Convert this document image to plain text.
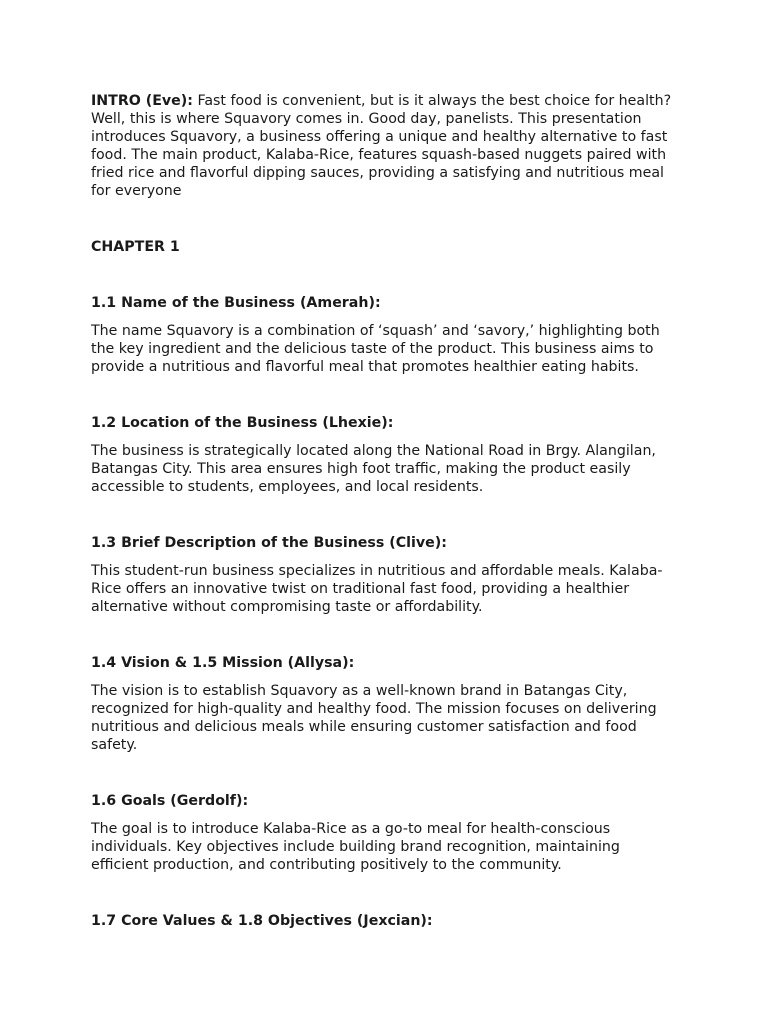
INTRO (Eve): Fast food is convenient, but is it always the best choice for health? Well, this is where Squavory comes in. Good day, panelists. This presentation introduces Squavory, a business offering a unique and healthy alternative to fast food. The main product, Kalaba-Rice, features squash-based nuggets paired with fried rice and flavorful dipping sauces, providing a satisfying and nutritious meal for everyone

CHAPTER 1

1.1 Name of the Business (Amerah):

The name Squavory is a combination of ‘squash’ and ‘savory,’ highlighting both the key ingredient and the delicious taste of the product. This business aims to provide a nutritious and flavorful meal that promotes healthier eating habits.

1.2 Location of the Business (Lhexie):

The business is strategically located along the National Road in Brgy. Alangilan, Batangas City. This area ensures high foot traffic, making the product easily accessible to students, employees, and local residents.

1.3 Brief Description of the Business (Clive):

This student-run business specializes in nutritious and affordable meals. Kalaba-Rice offers an innovative twist on traditional fast food, providing a healthier alternative without compromising taste or affordability.

1.4 Vision & 1.5 Mission (Allysa):

The vision is to establish Squavory as a well-known brand in Batangas City, recognized for high-quality and healthy food. The mission focuses on delivering nutritious and delicious meals while ensuring customer satisfaction and food safety.

1.6 Goals (Gerdolf):

The goal is to introduce Kalaba-Rice as a go-to meal for health-conscious individuals. Key objectives include building brand recognition, maintaining efficient production, and contributing positively to the community.

1.7 Core Values & 1.8 Objectives (Jexcian):
